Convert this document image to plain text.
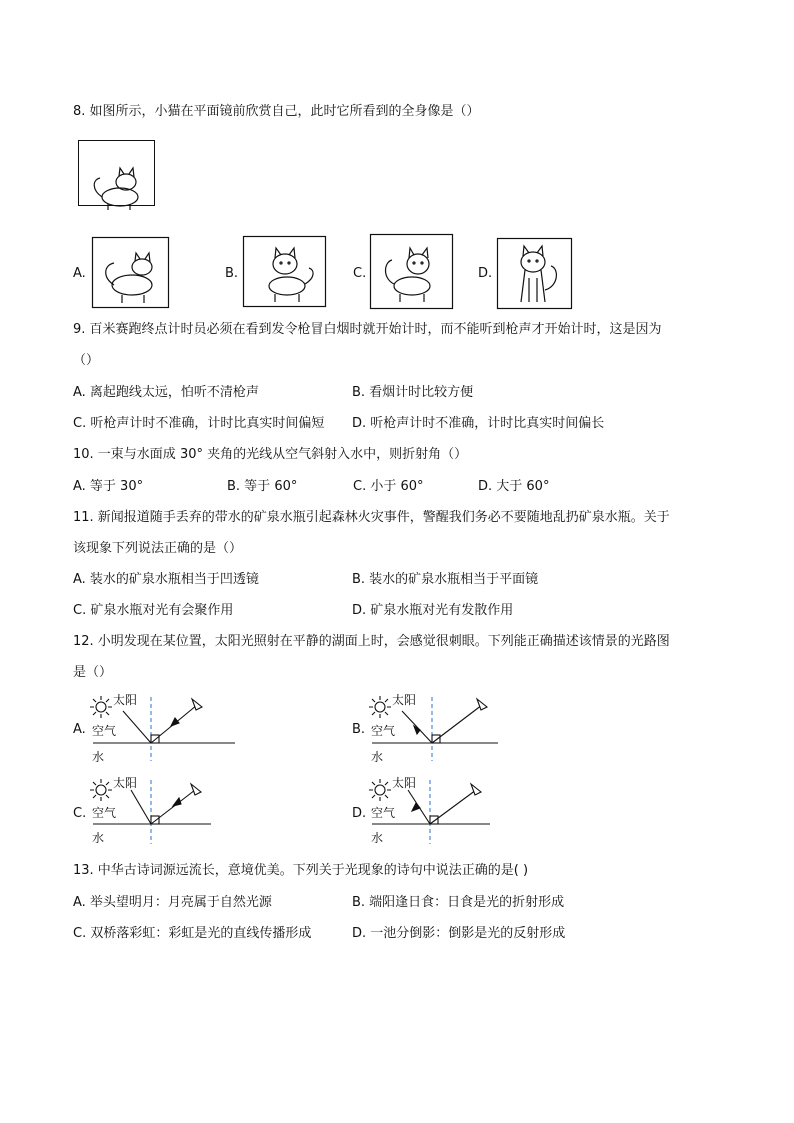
8. 如图所示，小猫在平面镜前欣赏自己，此时它所看到的全身像是（）
A.	B.	C.	D.
9. 百米赛跑终点计时员必须在看到发令枪冒白烟时就开始计时，而不能听到枪声才开始计时，这是因为
（）
A. 离起跑线太远，怕听不清枪声	B. 看烟计时比较方便
C. 听枪声计时不准确，计时比真实时间偏短 D. 听枪声计时不准确，计时比真实时间偏长
10. 一束与水面成 30° 夹角的光线从空气斜射入水中，则折射角（）
A. 等于 30°	B. 等于 60°	C. 小于 60°	D. 大于 60°
11. 新闻报道随手丢弃的带水的矿泉水瓶引起森林火灾事件，警醒我们务必不要随地乱扔矿泉水瓶。关于
该现象下列说法正确的是（）
A. 装水的矿泉水瓶相当于凹透镜	B. 装水的矿泉水瓶相当于平面镜
C. 矿泉水瓶对光有会聚作用	D. 矿泉水瓶对光有发散作用
12. 小明发现在某位置，太阳光照射在平静的湖面上时，会感觉很刺眼。下列能正确描述该情景的光路图
是（）
A.
太阳
空气
水
B.
太阳
空气
水
C.
太阳
空气
水
D.
太阳
空气
水
13. 中华古诗词源远流长，意境优美。下列关于光现象的诗句中说法正确的是( )
A. 举头望明月：月亮属于自然光源	B. 端阳逢日食：日食是光的折射形成
C. 双桥落彩虹：彩虹是光的直线传播形成	D. 一池分倒影：倒影是光的反射形成
